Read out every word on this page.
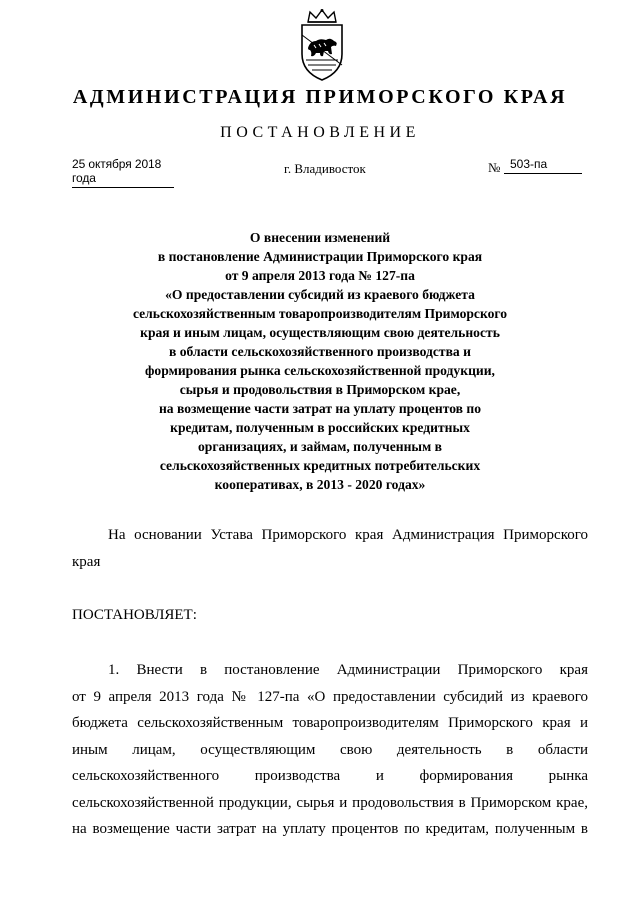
АДМИНИСТРАЦИЯ ПРИМОРСКОГО КРАЯ
ПОСТАНОВЛЕНИЕ
25 октября 2018 года
г. Владивосток	№ 503-па
О внесении изменений
в постановление Администрации Приморского края
от 9 апреля 2013 года № 127-па
«О предоставлении субсидий из краевого бюджета
сельскохозяйственным товаропроизводителям Приморского
края и иным лицам, осуществляющим свою деятельность
в области сельскохозяйственного производства и
формирования рынка сельскохозяйственной продукции,
сырья и продовольствия в Приморском крае,
на возмещение части затрат на уплату процентов по
кредитам, полученным в российских кредитных
организациях, и займам, полученным в
сельскохозяйственных кредитных потребительских
кооперативах, в 2013 - 2020 годах»
На основании Устава Приморского края Администрация Приморского края
ПОСТАНОВЛЯЕТ:
1. Внести в постановление Администрации Приморского края
от 9 апреля 2013 года № 127-па «О предоставлении субсидий из краевого
бюджета сельскохозяйственным товаропроизводителям Приморского края и
иным лицам, осуществляющим свою деятельность в области
сельскохозяйственного производства и формирования рынка
сельскохозяйственной продукции, сырья и продовольствия в Приморском крае,
на возмещение части затрат на уплату процентов по кредитам, полученным в
